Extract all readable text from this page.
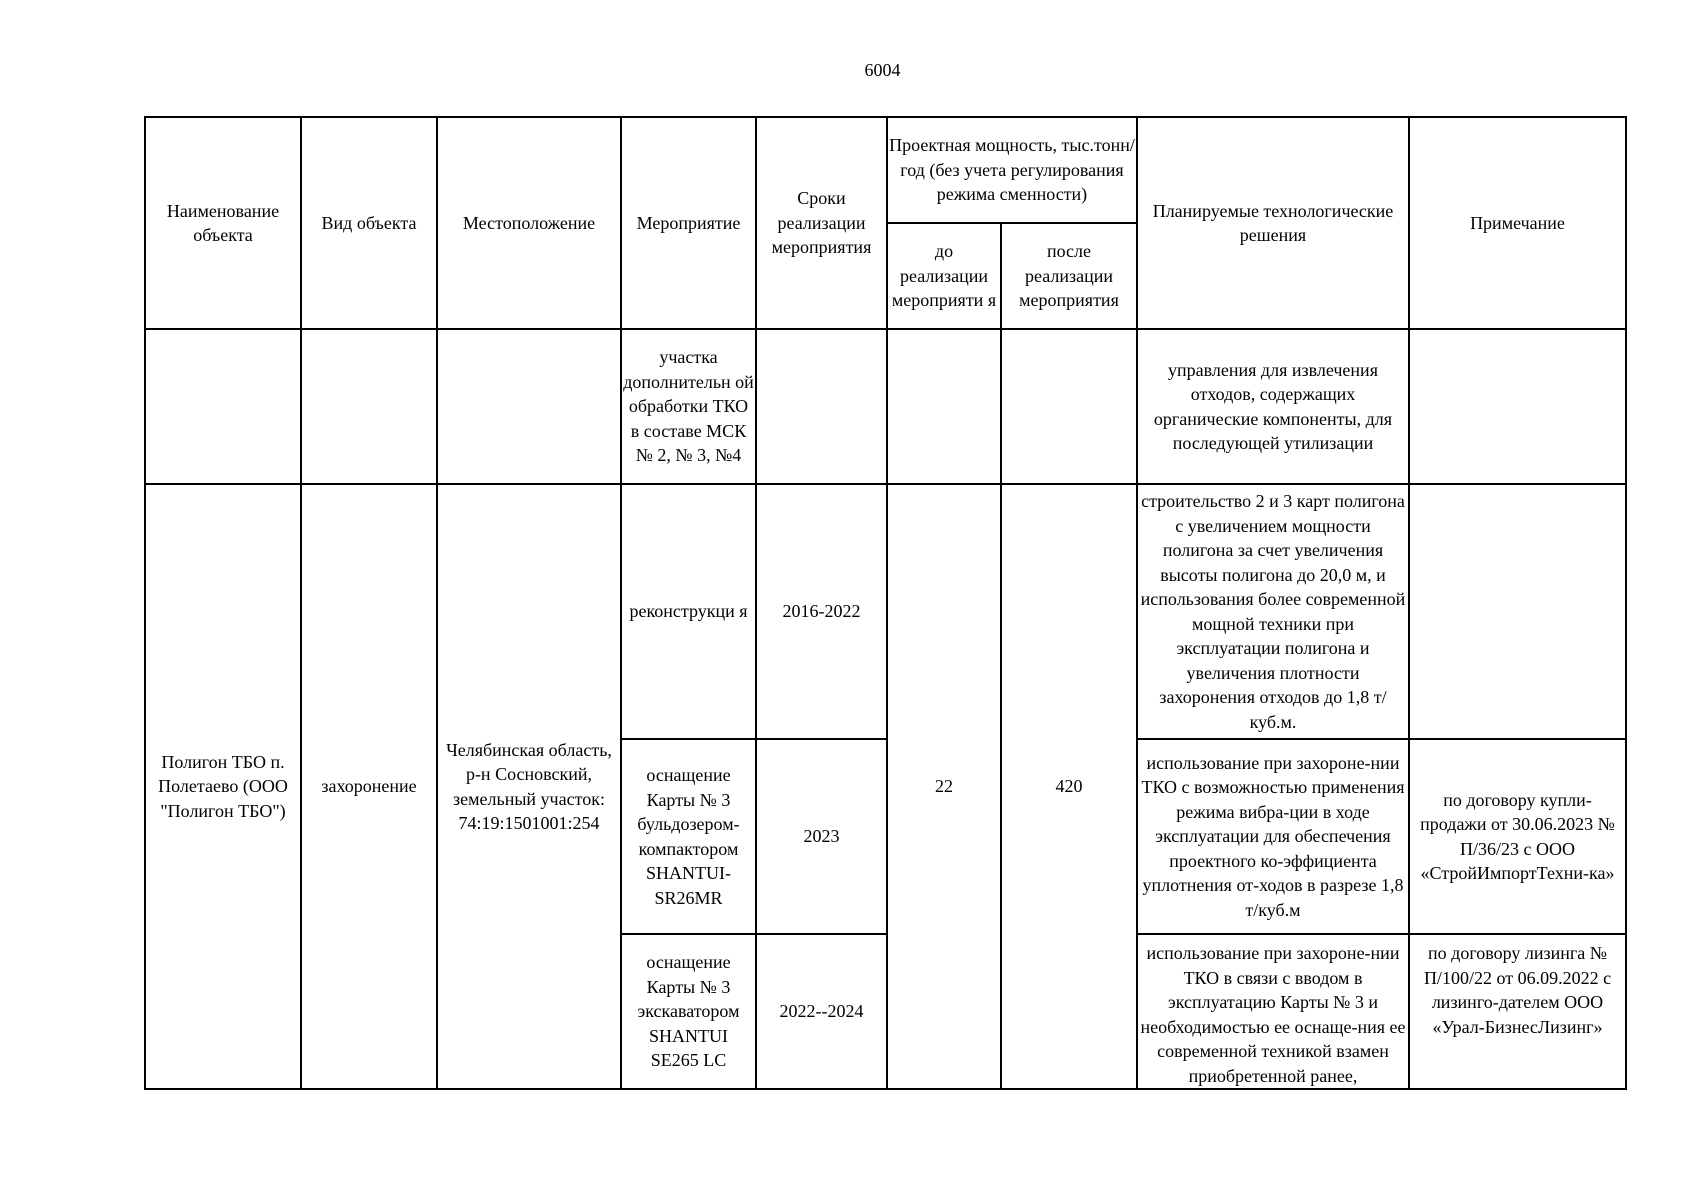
6004
Наименование объекта	Вид объекта	Местоположение	Мероприятие	Сроки реализации мероприятия	Проектная мощность, тыс.тонн/год (без учета регулирования режима сменности)		Планируемые технологические решения	Примечание
					до реализации мероприяти я	после реализации мероприятия		
			участка дополнительн ой обработки ТКО в составе МСК № 2, № 3, №4				управления для извлечения отходов, содержащих органические компоненты, для последующей утилизации	
Полигон ТБО п. Полетаево (ООО "Полигон ТБО")	захоронение	Челябинская область, р-н Сосновский, земельный участок: 74:19:1501001:254	реконструкци я	2016-2022	22	420	строительство 2 и 3 карт полигона с увеличением мощности полигона за счет увеличения высоты полигона до 20,0 м, и использования более современной мощной техники при эксплуатации полигона и увеличения плотности захоронения отходов до 1,8 т/куб.м.	
			оснащение Карты № 3 бульдозером-компактором SHANTUI-SR26MR	2023			использование при захороне-нии ТКО с возможностью применения режима вибра-ции в ходе эксплуатации для обеспечения проектного ко-эффициента уплотнения от-ходов в разрезе 1,8 т/куб.м	по договору купли-продажи от 30.06.2023 № П/36/23 с ООО «СтройИмпортТехни-ка»
			оснащение Карты № 3 экскаватором SHANTUI SE265 LC	2022--2024			использование при захороне-нии ТКО в связи с вводом в эксплуатацию Карты № 3 и необходимостью ее оснаще-ния ее современной техникой взамен приобретенной ранее,	по договору лизинга № П/100/22 от 06.09.2022 с лизинго-дателем ООО «Урал-БизнесЛизинг»
